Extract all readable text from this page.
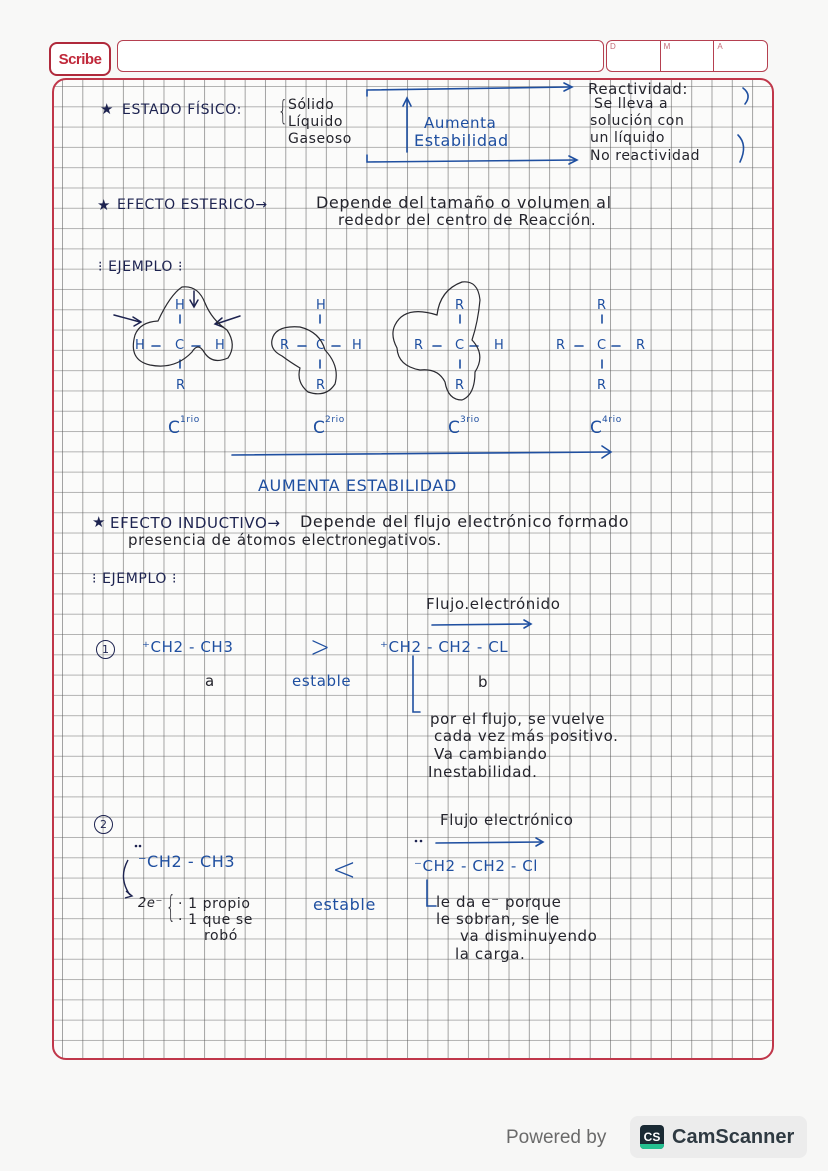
Scribe
D	M	A
★ ESTADO FÍSICO: { Sólido
Líquido
Gaseoso
Aumenta
Estabilidad
Reactividad:
Se lleva a
solución con
un líquido
No reactividad
★ EFECTO ESTERICO→	Depende del tamaño o volumen al
rededor del centro de Reacción.
⁝ EJEMPLO ⁝
H
H C H
R
C 1rio
H
R C H
R
C 2rio
R
R C H
R
C 3rio
R
R C R
R
C 4rio
AUMENTA ESTABILIDAD
★ EFECTO INDUCTIVO→ Depende del flujo electrónico formado
presencia de átomos electronegativos.
⁝ EJEMPLO ⁝
1	⁺CH2 - CH3
a
>
estable
Flujo.electrónido
⁺CH2 - CH2 - CL
b
por el flujo, se vuelve
cada vez más positivo.
Va cambiando
Inestabilidad.
2
⁻CH2 - CH3
2e⁻ { · 1 propio
· 1 que se
robó
<
estable
Flujo electrónico
⁻CH2 - CH2 - Cl
le da e⁻ porque
le sobran, se le
va disminuyendo
la carga.
Powered by	CS CamScanner
